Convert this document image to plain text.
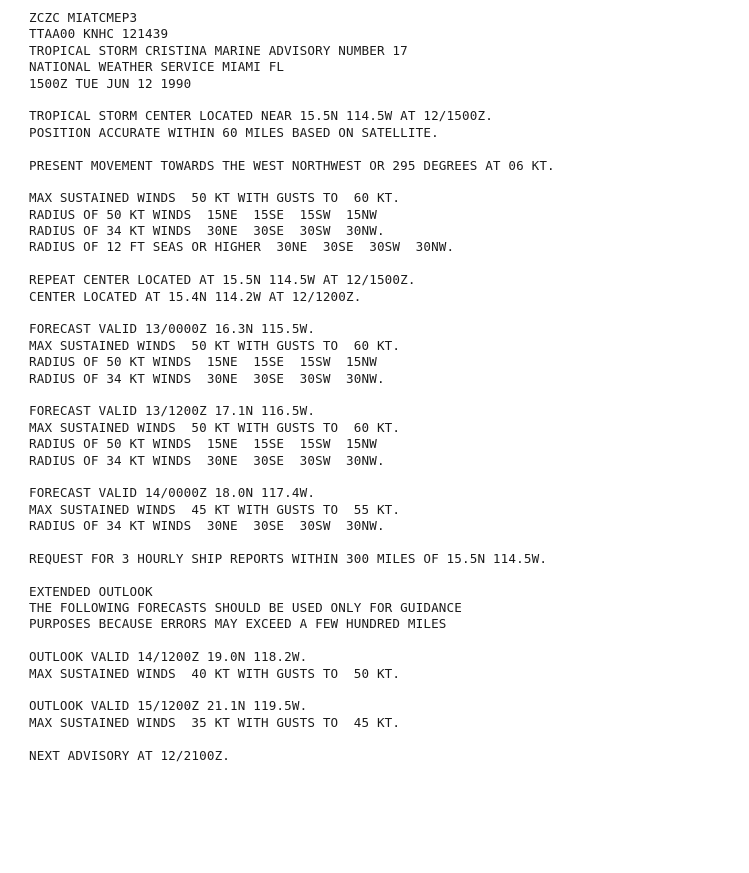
ZCZC MIATCMEP3
TTAA00 KNHC 121439
TROPICAL STORM CRISTINA MARINE ADVISORY NUMBER 17
NATIONAL WEATHER SERVICE MIAMI FL
1500Z TUE JUN 12 1990
TROPICAL STORM CENTER LOCATED NEAR 15.5N 114.5W AT 12/1500Z.
POSITION ACCURATE WITHIN 60 MILES BASED ON SATELLITE.
PRESENT MOVEMENT TOWARDS THE WEST NORTHWEST OR 295 DEGREES AT 06 KT.
MAX SUSTAINED WINDS  50 KT WITH GUSTS TO  60 KT.
RADIUS OF 50 KT WINDS  15NE  15SE  15SW  15NW
RADIUS OF 34 KT WINDS  30NE  30SE  30SW  30NW.
RADIUS OF 12 FT SEAS OR HIGHER  30NE  30SE  30SW  30NW.
REPEAT CENTER LOCATED AT 15.5N 114.5W AT 12/1500Z.
CENTER LOCATED AT 15.4N 114.2W AT 12/1200Z.
FORECAST VALID 13/0000Z 16.3N 115.5W.
MAX SUSTAINED WINDS  50 KT WITH GUSTS TO  60 KT.
RADIUS OF 50 KT WINDS  15NE  15SE  15SW  15NW
RADIUS OF 34 KT WINDS  30NE  30SE  30SW  30NW.
FORECAST VALID 13/1200Z 17.1N 116.5W.
MAX SUSTAINED WINDS  50 KT WITH GUSTS TO  60 KT.
RADIUS OF 50 KT WINDS  15NE  15SE  15SW  15NW
RADIUS OF 34 KT WINDS  30NE  30SE  30SW  30NW.
FORECAST VALID 14/0000Z 18.0N 117.4W.
MAX SUSTAINED WINDS  45 KT WITH GUSTS TO  55 KT.
RADIUS OF 34 KT WINDS  30NE  30SE  30SW  30NW.
REQUEST FOR 3 HOURLY SHIP REPORTS WITHIN 300 MILES OF 15.5N 114.5W.
EXTENDED OUTLOOK
THE FOLLOWING FORECASTS SHOULD BE USED ONLY FOR GUIDANCE
PURPOSES BECAUSE ERRORS MAY EXCEED A FEW HUNDRED MILES
OUTLOOK VALID 14/1200Z 19.0N 118.2W.
MAX SUSTAINED WINDS  40 KT WITH GUSTS TO  50 KT.
OUTLOOK VALID 15/1200Z 21.1N 119.5W.
MAX SUSTAINED WINDS  35 KT WITH GUSTS TO  45 KT.
NEXT ADVISORY AT 12/2100Z.
